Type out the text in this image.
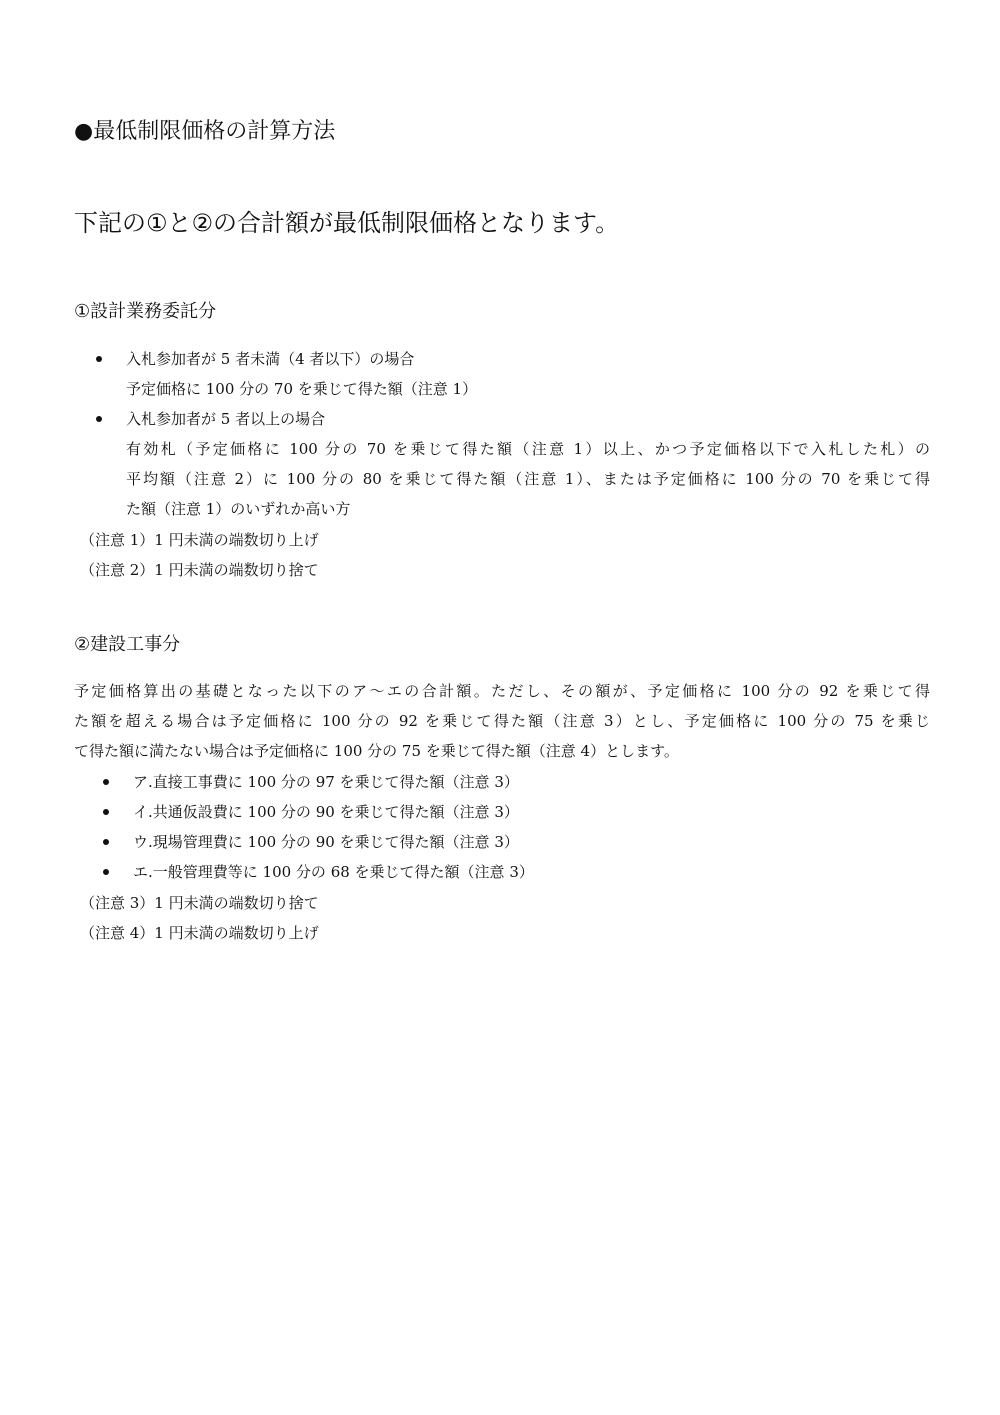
●最低制限価格の計算方法
下記の①と②の合計額が最低制限価格となります。
①設計業務委託分
入札参加者が 5 者未満（4 者以下）の場合
予定価格に 100 分の 70 を乗じて得た額（注意 1）
入札参加者が 5 者以上の場合
有効札（予定価格に 100 分の 70 を乗じて得た額（注意 1）以上、かつ予定価格以下で入札した札）の
平均額（注意 2）に 100 分の 80 を乗じて得た額（注意 1）、または予定価格に 100 分の 70 を乗じて得
た額（注意 1）のいずれか高い方
（注意 1）1 円未満の端数切り上げ
（注意 2）1 円未満の端数切り捨て
②建設工事分
予定価格算出の基礎となった以下のア～エの合計額。ただし、その額が、予定価格に 100 分の 92 を乗じて得
た額を超える場合は予定価格に 100 分の 92 を乗じて得た額（注意 3）とし、予定価格に 100 分の 75 を乗じ
て得た額に満たない場合は予定価格に 100 分の 75 を乗じて得た額（注意 4）とします。
ア.直接工事費に 100 分の 97 を乗じて得た額（注意 3）
イ.共通仮設費に 100 分の 90 を乗じて得た額（注意 3）
ウ.現場管理費に 100 分の 90 を乗じて得た額（注意 3）
エ.一般管理費等に 100 分の 68 を乗じて得た額（注意 3）
（注意 3）1 円未満の端数切り捨て
（注意 4）1 円未満の端数切り上げ
